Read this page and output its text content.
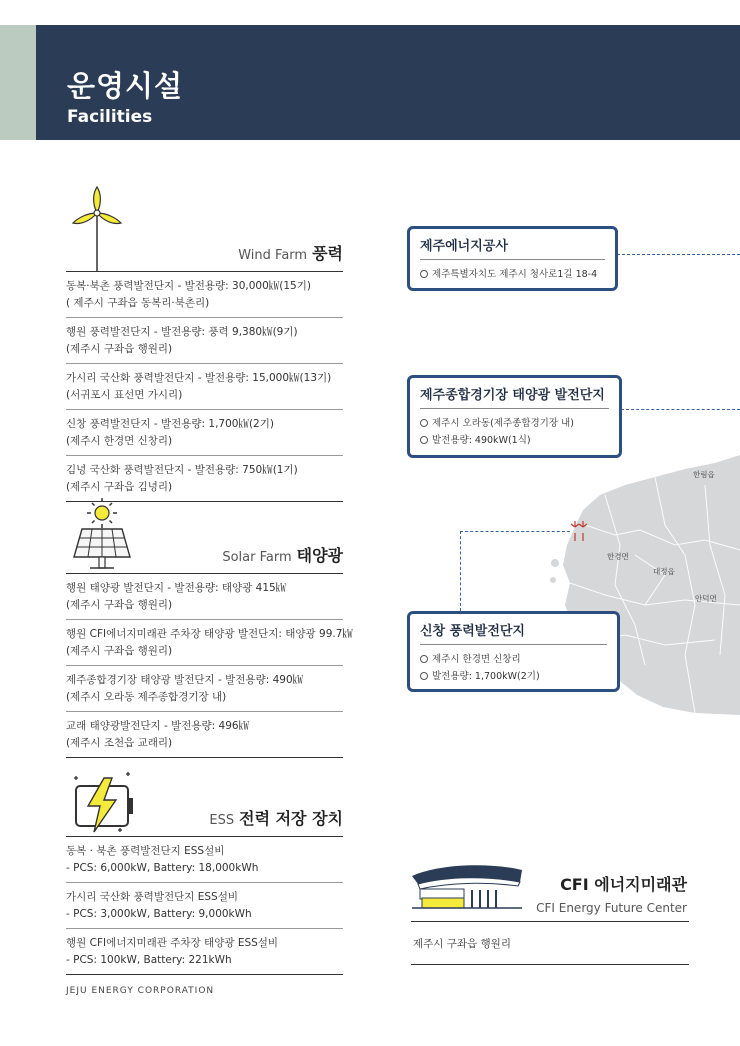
운영시설
Facilities
Wind Farm 풍력
동복·북촌 풍력발전단지 - 발전용량: 30,000㎾(15기)
( 제주시 구좌읍 동복리·북촌리)
행원 풍력발전단지 - 발전용량: 풍력 9,380㎾(9기)
(제주시 구좌읍 행원리)
가시리 국산화 풍력발전단지 - 발전용량: 15,000㎾(13기)
(서귀포시 표선면 가시리)
신창 풍력발전단지 - 발전용량: 1,700㎾(2기)
(제주시 한경면 신창리)
김녕 국산화 풍력발전단지 - 발전용량: 750㎾(1기)
(제주시 구좌읍 김녕리)
Solar Farm 태양광
행원 태양광 발전단지 - 발전용량: 태양광 415㎾
(제주시 구좌읍 행원리)
행원 CFI에너지미래관 주차장 태양광 발전단지: 태양광 99.7㎾
(제주시 구좌읍 행원리)
제주종합경기장 태양광 발전단지 - 발전용량: 490㎾
(제주시 오라동 제주종합경기장 내)
교래 태양광발전단지 - 발전용량: 496㎾
(제주시 조천읍 교래리)
ESS 전력 저장 장치
동복 · 북촌 풍력발전단지 ESS설비
- PCS: 6,000kW, Battery: 18,000kWh
가시리 국산화 풍력발전단지 ESS설비
- PCS: 3,000kW, Battery: 9,000kWh
행원 CFI에너지미래관 주차장 태양광 ESS설비
- PCS: 100kW, Battery: 221kWh
한림읍
한경면
대정읍
안덕면
제주에너지공사
제주특별자치도 제주시 청사로1길 18-4
제주종합경기장 태양광 발전단지
제주시 오라동(제주종합경기장 내)
발전용량: 490kW(1식)
신창 풍력발전단지
제주시 한경면 신창리
발전용량: 1,700kW(2기)
CFI 에너지미래관
CFI Energy Future Center
제주시 구좌읍 행원리
JEJU ENERGY CORPORATION
